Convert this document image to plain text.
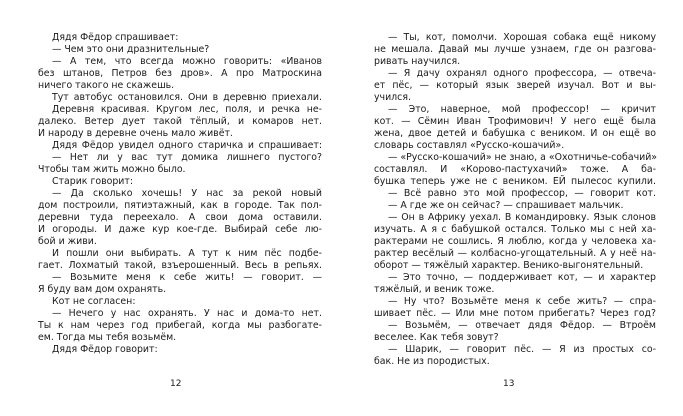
Дядя Фёдор спрашивает:
— Чем это они дразнительные?
— А тем, что всегда можно говорить: «Иванов
без штанов, Петров без дров». А про Матроскина
ничего такого не скажешь.
Тут автобус остановился. Они в деревню приехали.
Деревня красивая. Кругом лес, поля, и речка не-
далеко. Ветер дует такой тёплый, и комаров нет.
И народу в деревне очень мало живёт.
Дядя Фёдор увидел одного старичка и спрашивает:
— Нет ли у вас тут домика лишнего пустого?
Чтобы там жить можно было.
Старик говорит:
— Да сколько хочешь! У нас за рекой новый
дом построили, пятиэтажный, как в городе. Так пол-
деревни туда переехало. А свои дома оставили.
И огороды. И даже кур кое-где. Выбирай себе лю-
бой и живи.
И пошли они выбирать. А тут к ним пёс подбе-
гает. Лохматый такой, взъерошенный. Весь в репьях.
— Возьмите меня к себе жить! — говорит. —
Я буду вам дом охранять.
Кот не согласен:
— Нечего у нас охранять. У нас и дома-то нет.
Ты к нам через год прибегай, когда мы разбогате-
ем. Тогда мы тебя возьмём.
Дядя Фёдор говорит:
12
— Ты, кот, помолчи. Хорошая собака ещё никому
не мешала. Давай мы лучше узнаем, где он разгова-
ривать научился.
— Я дачу охранял одного профессора, — отвеча-
ет пёс, — который язык зверей изучал. Вот и вы-
учился.
— Это, наверное, мой профессор! — кричит
кот. — Сёмин Иван Трофимович! У него ещё была
жена, двое детей и бабушка с веником. И он ещё во
словарь составлял «Русско-кошачий».
— «Русско-кошачий» не знаю, а «Охотничье-собачий»
составлял. И «Корово-пастухачий» тоже. А ба-
бушка теперь уже не с веником. ЕЙ пылесос купили.
— Всё равно это мой профессор, — говорит кот.
— А где же он сейчас? — спрашивает мальчик.
— Он в Африку уехал. В командировку. Язык слонов
изучать. А я с бабушкой остался. Только мы с ней ха-
рактерами не сошлись. Я люблю, когда у человека ха-
рактер весёлый — колбасно-угощательный. А у неё на-
оборот — тяжёлый характер. Венико-выгонятельный.
— Это точно, — поддерживает кот, — и характер
тяжёлый, и веник тоже.
— Ну что? Возьмёте меня к себе жить? — спра-
шивает пёс. — Или мне потом прибегать? Через год?
— Возьмём, — отвечает дядя Фёдор. — Втроём
веселее. Как тебя зовут?
— Шарик, — говорит пёс. — Я из простых со-
бак. Не из породистых.
13
